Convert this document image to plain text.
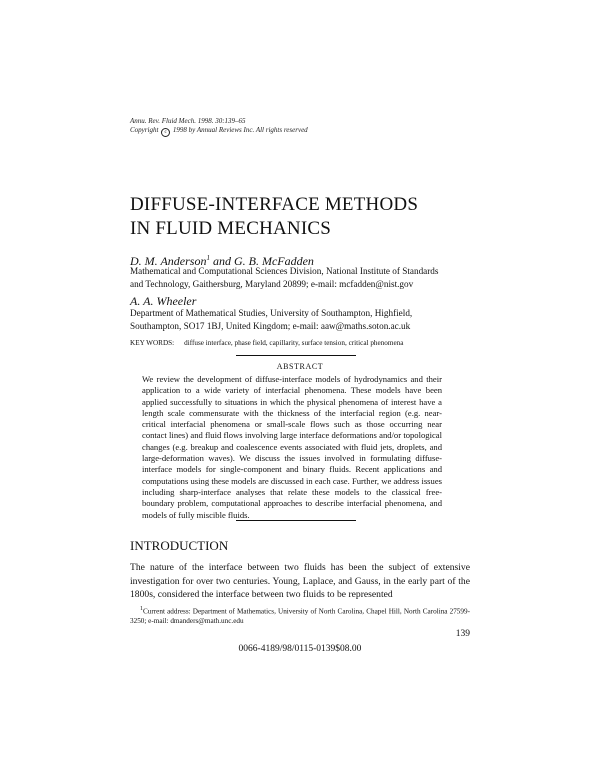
Annu. Rev. Fluid Mech. 1998. 30:139–65
Copyright c 1998 by Annual Reviews Inc. All rights reserved
DIFFUSE-INTERFACE METHODS
IN FLUID MECHANICS
D. M. Anderson$^1$ and G. B. McFadden
Mathematical and Computational Sciences Division, National Institute of Standards
and Technology, Gaithersburg, Maryland 20899; e-mail: mcfadden@nist.gov
A. A. Wheeler
Department of Mathematical Studies, University of Southampton, Highfield,
Southampton, SO17 1BJ, United Kingdom; e-mail: aaw@maths.soton.ac.uk
KEY WORDS: diffuse interface, phase field, capillarity, surface tension, critical phenomena
ABSTRACT
We review the development of diffuse-interface models of hydrodynamics and their application to a wide variety of interfacial phenomena. These models have been applied successfully to situations in which the physical phenomena of interest have a length scale commensurate with the thickness of the interfacial region (e.g. near-critical interfacial phenomena or small-scale flows such as those occurring near contact lines) and fluid flows involving large interface deformations and/or topological changes (e.g. breakup and coalescence events associated with fluid jets, droplets, and large-deformation waves). We discuss the issues involved in formulating diffuse-interface models for single-component and binary fluids. Recent applications and computations using these models are discussed in each case. Further, we address issues including sharp-interface analyses that relate these models to the classical free-boundary problem, computational approaches to describe interfacial phenomena, and models of fully miscible fluids.
INTRODUCTION
The nature of the interface between two fluids has been the subject of extensive investigation for over two centuries. Young, Laplace, and Gauss, in the early part of the 1800s, considered the interface between two fluids to be represented
$^1$Current address: Department of Mathematics, University of North Carolina, Chapel Hill, North Carolina 27599-3250; e-mail: dmanders@math.unc.edu
139
0066-4189/98/0115-0139$08.00
